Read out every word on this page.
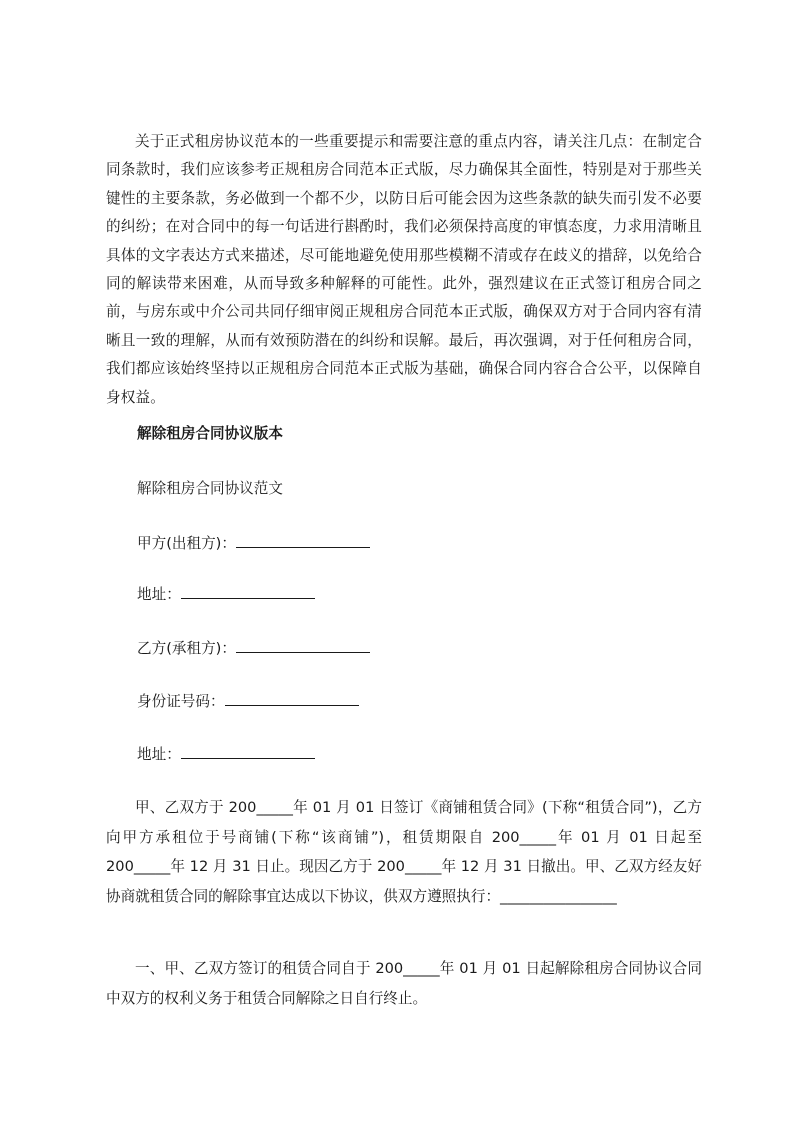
关于正式租房协议范本的一些重要提示和需要注意的重点内容，请关注几点：在制定合同条款时，我们应该参考正规租房合同范本正式版，尽力确保其全面性，特别是对于那些关键性的主要条款，务必做到一个都不少，以防日后可能会因为这些条款的缺失而引发不必要的纠纷；在对合同中的每一句话进行斟酌时，我们必须保持高度的审慎态度，力求用清晰且具体的文字表达方式来描述，尽可能地避免使用那些模糊不清或存在歧义的措辞，以免给合同的解读带来困难，从而导致多种解释的可能性。此外，强烈建议在正式签订租房合同之前，与房东或中介公司共同仔细审阅正规租房合同范本正式版，确保双方对于合同内容有清晰且一致的理解，从而有效预防潜在的纠纷和误解。最后，再次强调，对于任何租房合同，我们都应该始终坚持以正规租房合同范本正式版为基础，确保合同内容合合公平，以保障自身权益。

解除租房合同协议版本

解除租房合同协议范文

甲方(出租方)：

地址：

乙方(承租方)：

身份证号码：

地址：

甲、乙双方于 200_____年 01 月 01 日签订《商铺租赁合同》(下称“租赁合同”)，乙方向甲方承租位于号商铺(下称“该商铺”)，租赁期限自 200_____年 01 月 01 日起至 200_____年 12 月 31 日止。现因乙方于 200_____年 12 月 31 日撤出。甲、乙双方经友好协商就租赁合同的解除事宜达成以下协议，供双方遵照执行：________________

一、甲、乙双方签订的租赁合同自于 200_____年 01 月 01 日起解除租房合同协议合同中双方的权利义务于租赁合同解除之日自行终止。
